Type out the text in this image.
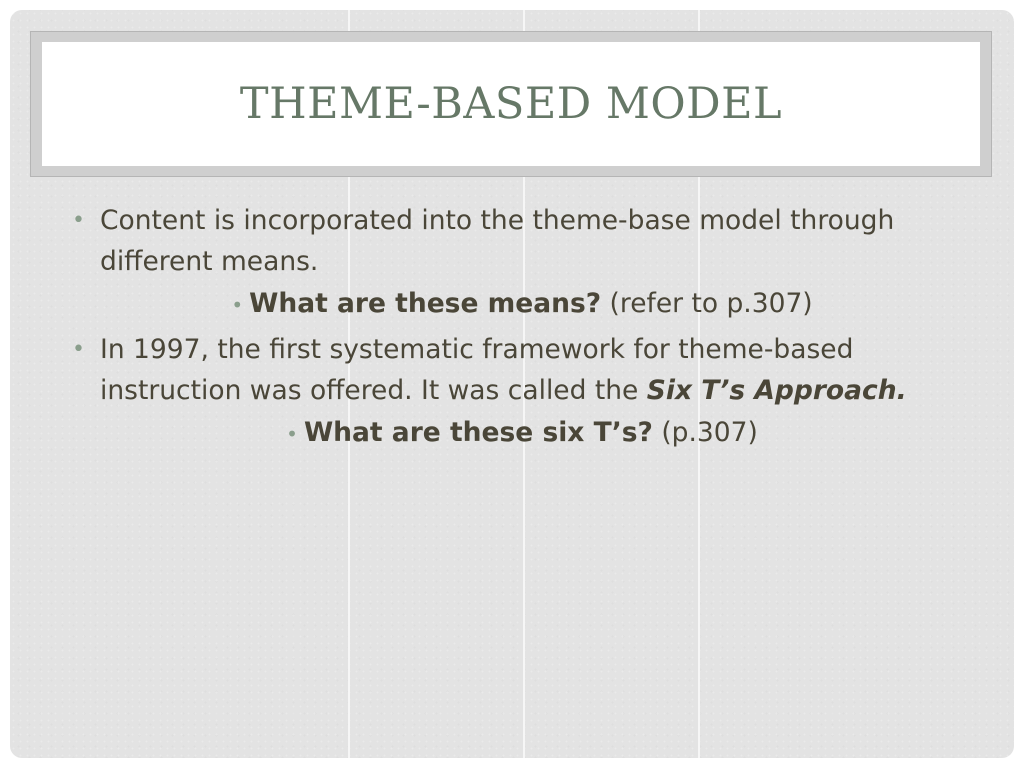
THEME-BASED MODEL

• Content is incorporated into the theme-base model through different means.

• What are these means? (refer to p.307)

• In 1997, the first systematic framework for theme-based instruction was offered. It was called the Six T’s Approach.

• What are these six T’s? (p.307)
